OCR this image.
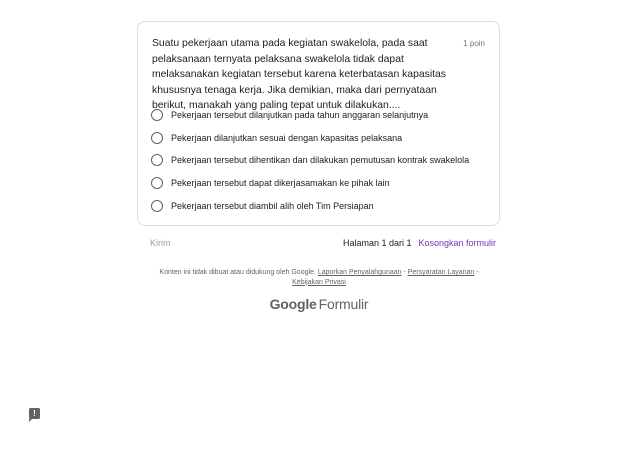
Suatu pekerjaan utama pada kegiatan swakelola, pada saat pelaksanaan ternyata pelaksana swakelola tidak dapat melaksanakan kegiatan tersebut karena keterbatasan kapasitas khususnya tenaga kerja. Jika demikian, maka dari pernyataan berikut, manakah yang paling tepat untuk dilakukan....
1 poin
Pekerjaan tersebut dilanjutkan pada tahun anggaran selanjutnya
Pekerjaan dilanjutkan sesuai dengan kapasitas pelaksana
Pekerjaan tersebut dihentikan dan dilakukan pemutusan kontrak swakelola
Pekerjaan tersebut dapat dikerjasamakan ke pihak lain
Pekerjaan tersebut diambil alih oleh Tim Persiapan
Kirim	Halaman 1 dari 1 Kosongkan formulir
Konten ini tidak dibuat atau didukung oleh Google. Laporkan Penyalahgunaan - Persyaratan Layanan -
Kebijakan Privasi
Google Formulir
!
